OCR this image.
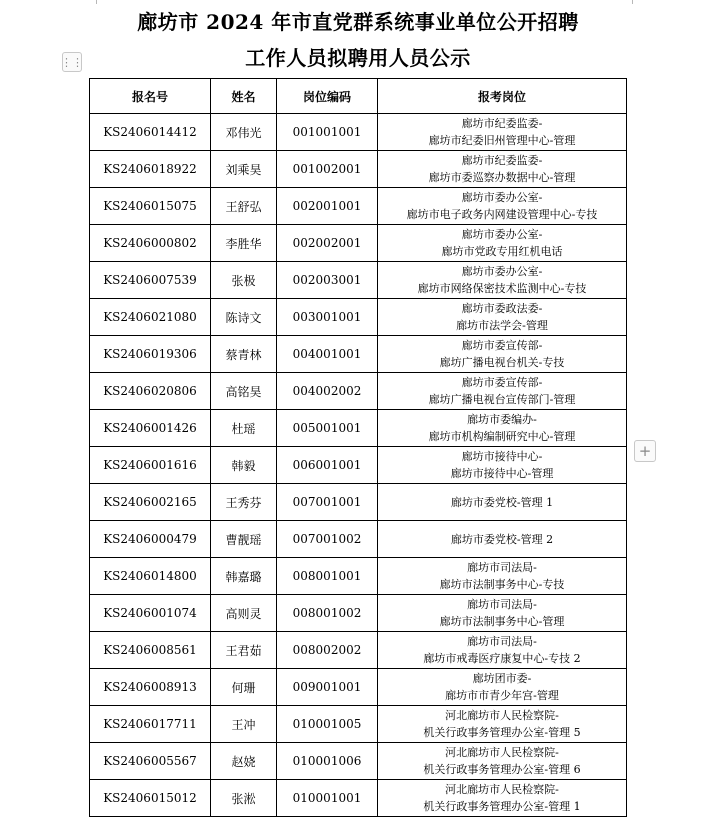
廊坊市 2024 年市直党群系统事业单位公开招聘
工作人员拟聘用人员公示
⋮⋮
+
报名号	姓名	岗位编码	报考岗位
KS2406014412	邓伟光	001001001	廊坊市纪委监委-
廊坊市纪委旧州管理中心-管理

KS2406018922	刘乘昊	001002001	廊坊市纪委监委-
廊坊市委巡察办数据中心-管理

KS2406015075	王舒弘	002001001	廊坊市委办公室-
廊坊市电子政务内网建设管理中心-专技

KS2406000802	李胜华	002002001	廊坊市委办公室-
廊坊市党政专用红机电话

KS2406007539	张极	002003001	廊坊市委办公室-
廊坊市网络保密技术监测中心-专技

KS2406021080	陈诗文	003001001	廊坊市委政法委-
廊坊市法学会-管理

KS2406019306	蔡青林	004001001	廊坊市委宣传部-
廊坊广播电视台机关-专技

KS2406020806	高铭昊	004002002	廊坊市委宣传部-
廊坊广播电视台宣传部门-管理

KS2406001426	杜瑶	005001001	廊坊市委编办-
廊坊市机构编制研究中心-管理

KS2406001616	韩毅	006001001	廊坊市接待中心-
廊坊市接待中心-管理

KS2406002165	王秀芬	007001001	廊坊市委党校-管理 1

KS2406000479	曹靓瑶	007001002	廊坊市委党校-管理 2

KS2406014800	韩嘉璐	008001001	廊坊市司法局-
廊坊市法制事务中心-专技

KS2406001074	高则灵	008001002	廊坊市司法局-
廊坊市法制事务中心-管理

KS2406008561	王君茹	008002002	廊坊市司法局-
廊坊市戒毒医疗康复中心-专技 2

KS2406008913	何珊	009001001	廊坊团市委-
廊坊市市青少年宫-管理

KS2406017711	王冲	010001005	河北廊坊市人民检察院-
机关行政事务管理办公室-管理 5

KS2406005567	赵娆	010001006	河北廊坊市人民检察院-
机关行政事务管理办公室-管理 6

KS2406015012	张淞	010001001	河北廊坊市人民检察院-
机关行政事务管理办公室-管理 1
